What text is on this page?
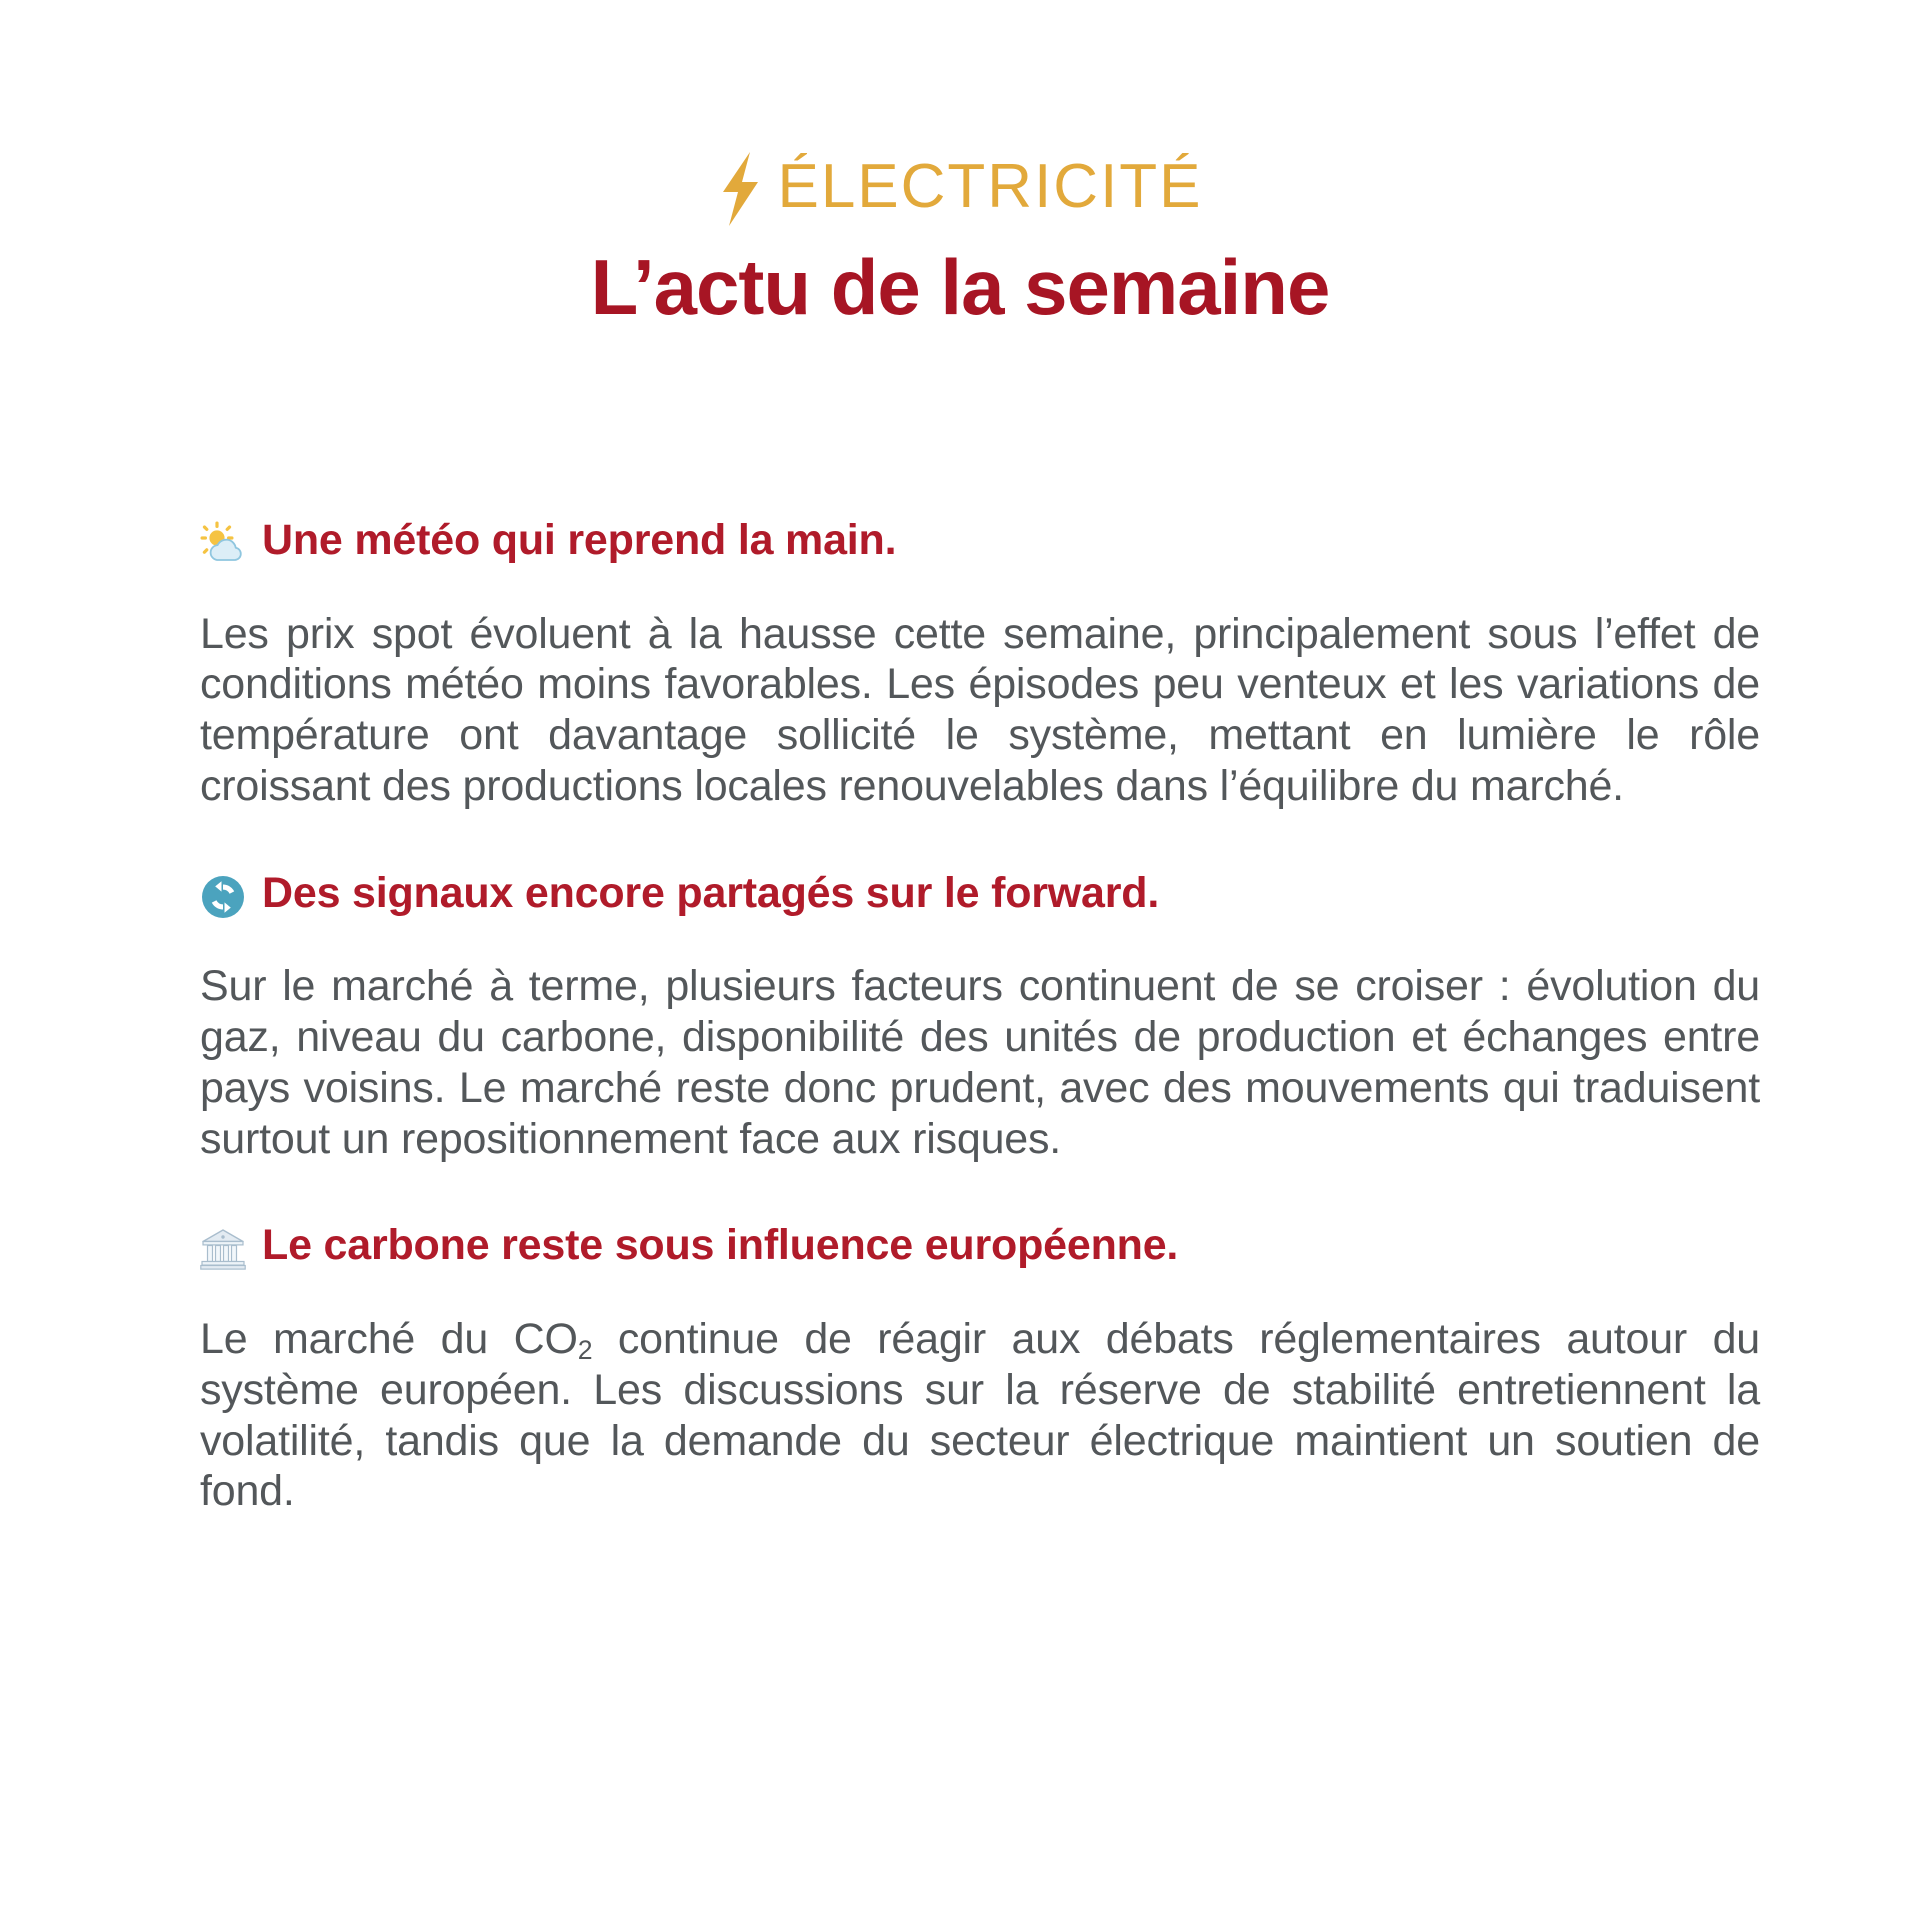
ÉLECTRICITÉ
L’actu de la semaine
Une météo qui reprend la main.

Les prix spot évoluent à la hausse cette semaine, principalement sous l’effet de conditions météo moins favorables. Les épisodes peu venteux et les variations de température ont davantage sollicité le système, mettant en lumière le rôle croissant des productions locales renouvelables dans l’équilibre du marché.

Des signaux encore partagés sur le forward.

Sur le marché à terme, plusieurs facteurs continuent de se croiser : évolution du gaz, niveau du carbone, disponibilité des unités de production et échanges entre pays voisins. Le marché reste donc prudent, avec des mouvements qui traduisent surtout un repositionnement face aux risques.

Le carbone reste sous influence européenne.

Le marché du $CO_2$ continue de réagir aux débats réglementaires autour du système européen. Les discussions sur la réserve de stabilité entretiennent la volatilité, tandis que la demande du secteur électrique maintient un soutien de fond.
